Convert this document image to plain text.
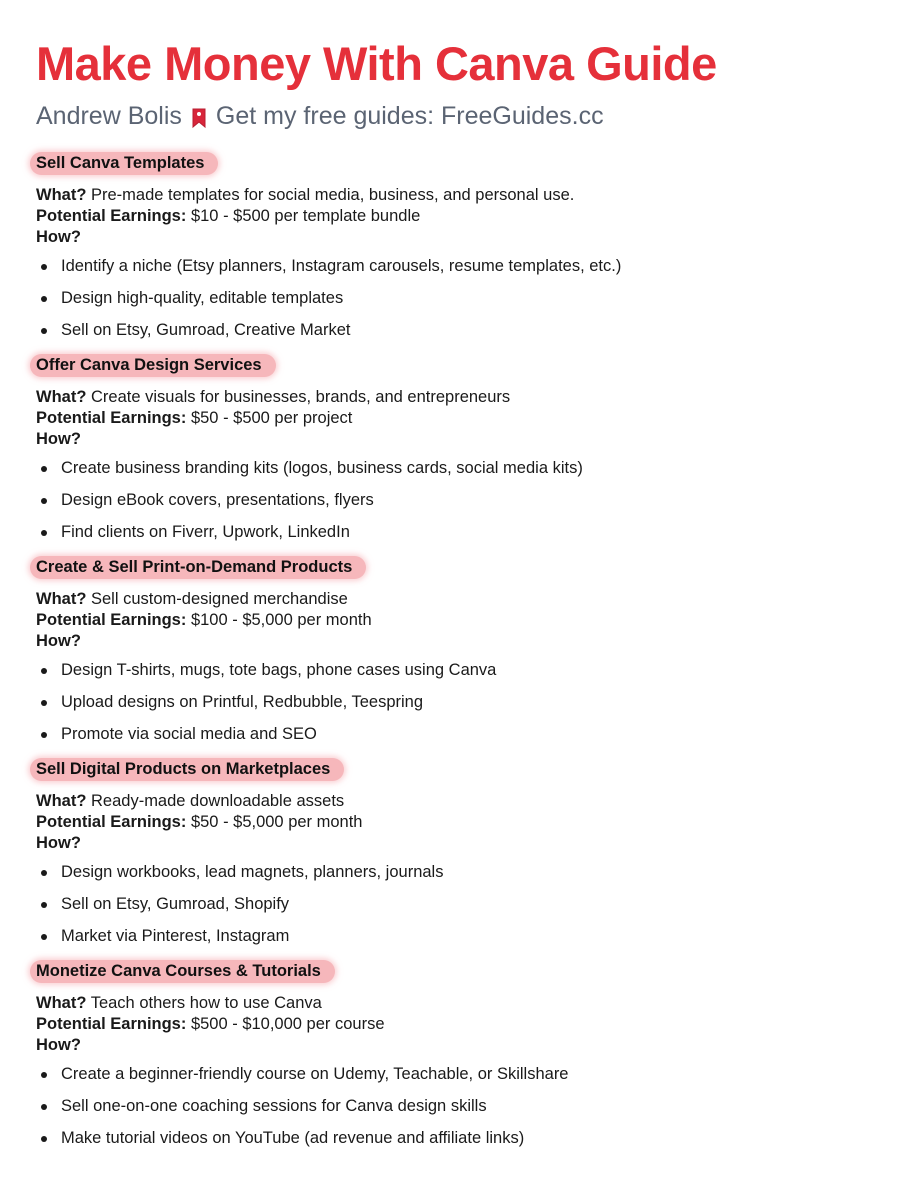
Make Money With Canva Guide
Andrew Bolis Get my free guides: FreeGuides.cc
Sell Canva Templates
What? Pre-made templates for social media, business, and personal use.
Potential Earnings: $10 - $500 per template bundle
How?
Identify a niche (Etsy planners, Instagram carousels, resume templates, etc.)
Design high-quality, editable templates
Sell on Etsy, Gumroad, Creative Market
Offer Canva Design Services
What? Create visuals for businesses, brands, and entrepreneurs
Potential Earnings: $50 - $500 per project
How?
Create business branding kits (logos, business cards, social media kits)
Design eBook covers, presentations, flyers
Find clients on Fiverr, Upwork, LinkedIn
Create & Sell Print-on-Demand Products
What? Sell custom-designed merchandise
Potential Earnings: $100 - $5,000 per month
How?
Design T-shirts, mugs, tote bags, phone cases using Canva
Upload designs on Printful, Redbubble, Teespring
Promote via social media and SEO
Sell Digital Products on Marketplaces
What? Ready-made downloadable assets
Potential Earnings: $50 - $5,000 per month
How?
Design workbooks, lead magnets, planners, journals
Sell on Etsy, Gumroad, Shopify
Market via Pinterest, Instagram
Monetize Canva Courses & Tutorials
What? Teach others how to use Canva
Potential Earnings: $500 - $10,000 per course
How?
Create a beginner-friendly course on Udemy, Teachable, or Skillshare
Sell one-on-one coaching sessions for Canva design skills
Make tutorial videos on YouTube (ad revenue and affiliate links)
